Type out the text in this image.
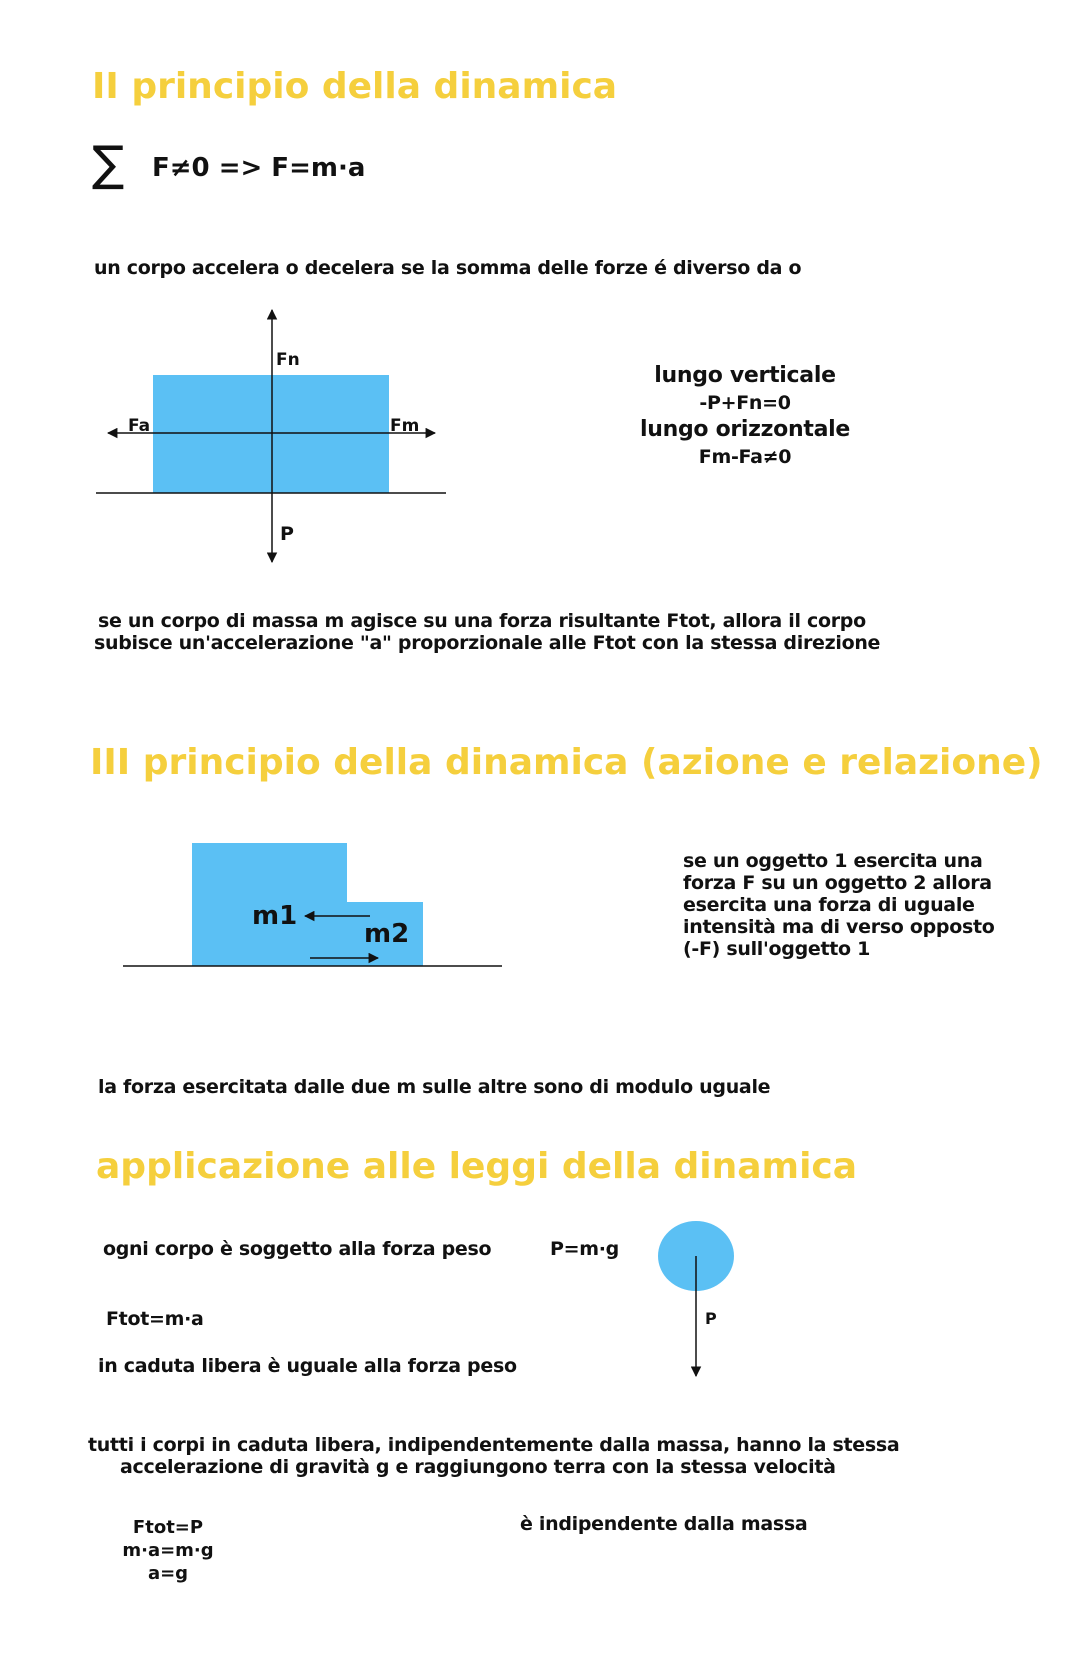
II principio della dinamica
∑ F≠0 => F=m·a
un corpo accelera o decelera se la somma delle forze é diverso da o
Fn
Fa	Fm
P
m1
m2
P
lungo verticale
-P+Fn=0
lungo orizzontale
Fm-Fa≠0
se un corpo di massa m agisce su una forza risultante Ftot, allora il corpo
subisce un'accelerazione "a" proporzionale alle Ftot con la stessa direzione
III principio della dinamica (azione e relazione)
se un oggetto 1 esercita una
forza F su un oggetto 2 allora
esercita una forza di uguale
intensità ma di verso opposto
(-F) sull'oggetto 1
la forza esercitata dalle due m sulle altre sono di modulo uguale
applicazione alle leggi della dinamica
ogni corpo è soggetto alla forza peso	P=m·g
Ftot=m·a
in caduta libera è uguale alla forza peso
tutti i corpi in caduta libera, indipendentemente dalla massa, hanno la stessa
accelerazione di gravità g e raggiungono terra con la stessa velocità
Ftot=P
m·a=m·g
a=g
è indipendente dalla massa
